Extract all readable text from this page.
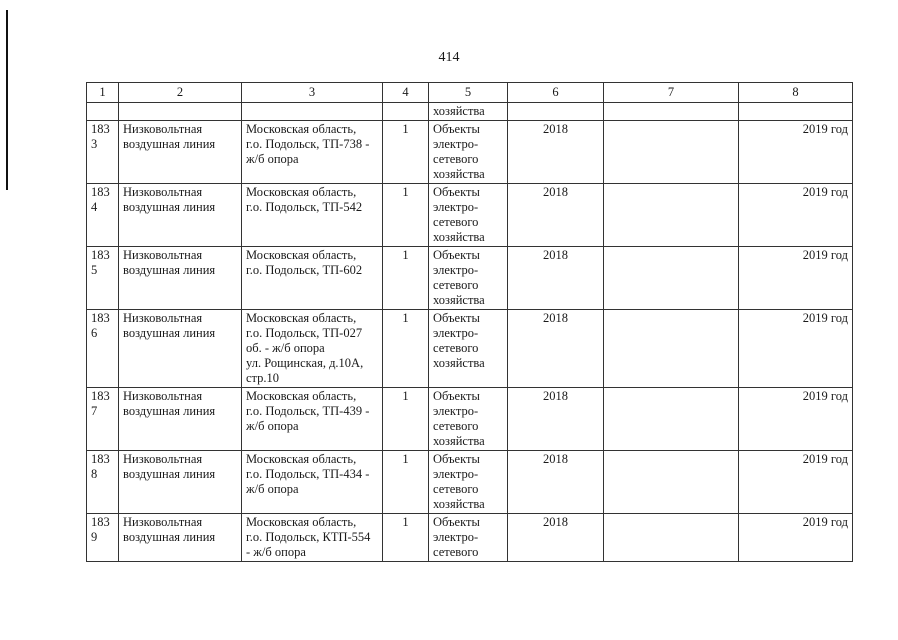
414
1	2	3	4	5	6	7	8
				хозяйства			
1833	Низковольтная
воздушная линия	Московская область,
г.о. Подольск, ТП-738 -
ж/б опора	1	Объекты
электро-
сетевого
хозяйства	2018		2019 год
1834	Низковольтная
воздушная линия	Московская область,
г.о. Подольск, ТП-542	1	Объекты
электро-
сетевого
хозяйства	2018		2019 год
1835	Низковольтная
воздушная линия	Московская область,
г.о. Подольск, ТП-602	1	Объекты
электро-
сетевого
хозяйства	2018		2019 год
1836	Низковольтная
воздушная линия	Московская область,
г.о. Подольск, ТП-027
об. - ж/б опора
ул. Рощинская, д.10А,
стр.10	1	Объекты
электро-
сетевого
хозяйства	2018		2019 год
1837	Низковольтная
воздушная линия	Московская область,
г.о. Подольск, ТП-439 -
ж/б опора	1	Объекты
электро-
сетевого
хозяйства	2018		2019 год
1838	Низковольтная
воздушная линия	Московская область,
г.о. Подольск, ТП-434 -
ж/б опора	1	Объекты
электро-
сетевого
хозяйства	2018		2019 год
1839	Низковольтная
воздушная линия	Московская область,
г.о. Подольск, КТП-554
- ж/б опора	1	Объекты
электро-
сетевого	2018		2019 год
